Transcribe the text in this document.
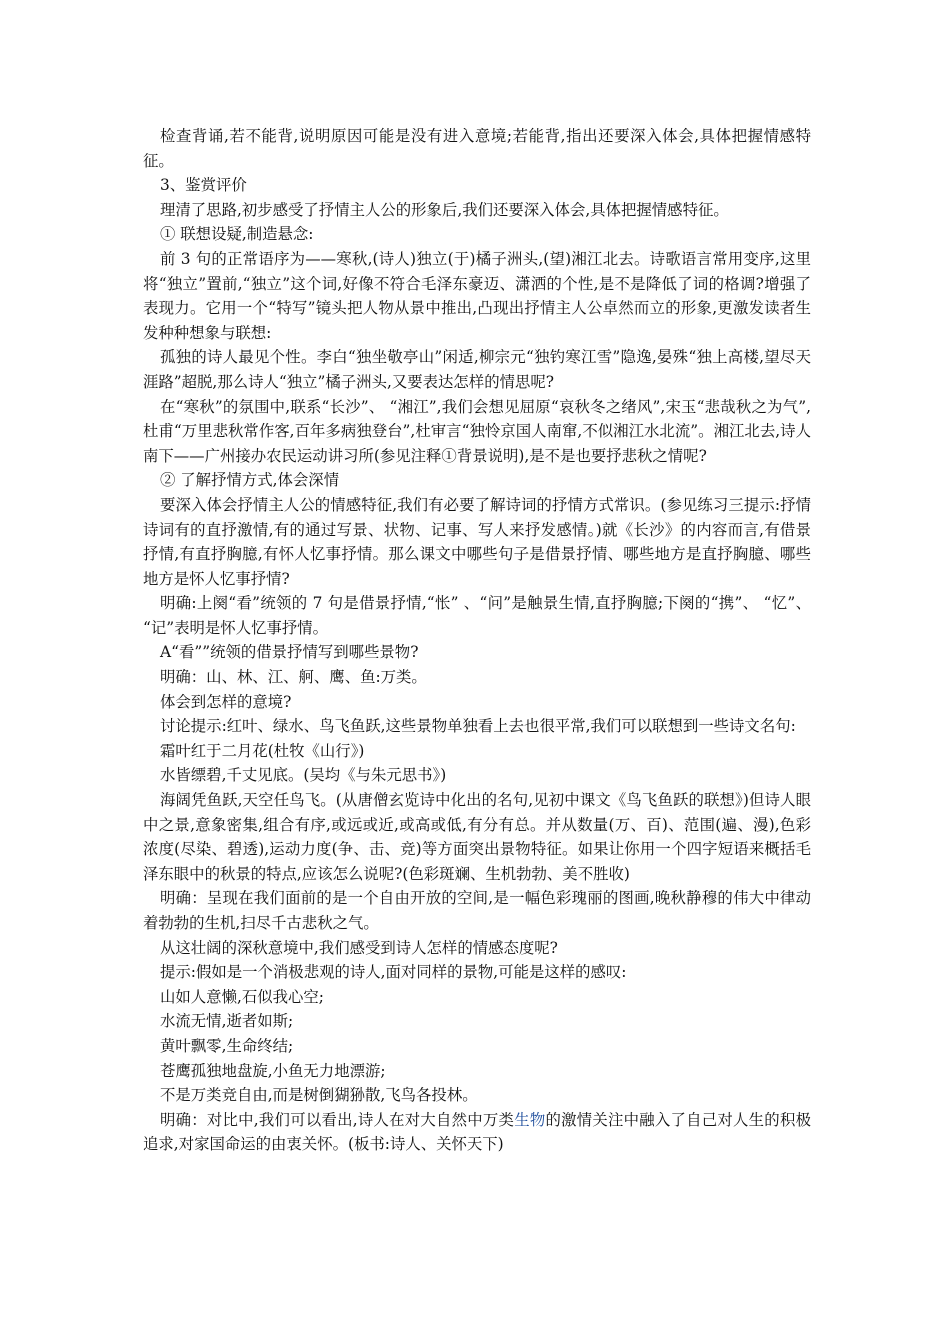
检查背诵,若不能背,说明原因可能是没有进入意境;若能背,指出还要深入体会,具体把握情感特征。

3、鉴赏评价

理清了思路,初步感受了抒情主人公的形象后,我们还要深入体会,具体把握情感特征。

① 联想设疑,制造悬念:

前 3 句的正常语序为——寒秋,(诗人)独立(于)橘子洲头,(望)湘江北去。诗歌语言常用变序,这里将“独立”置前,“独立”这个词,好像不符合毛泽东豪迈、潇洒的个性,是不是降低了词的格调?增强了表现力。它用一个“特写”镜头把人物从景中推出,凸现出抒情主人公卓然而立的形象,更激发读者生发种种想象与联想:

孤独的诗人最见个性。李白“独坐敬亭山”闲适,柳宗元“独钓寒江雪”隐逸,晏殊“独上高楼,望尽天涯路”超脱,那么诗人“独立”橘子洲头,又要表达怎样的情思呢?

在“寒秋”的氛围中,联系“长沙”、 “湘江”,我们会想见屈原“哀秋冬之绪风”,宋玉“悲哉秋之为气”,杜甫“万里悲秋常作客,百年多病独登台”,杜审言“独怜京国人南窜,不似湘江水北流”。湘江北去,诗人南下——广州接办农民运动讲习所(参见注释①背景说明),是不是也要抒悲秋之情呢?

② 了解抒情方式,体会深情

要深入体会抒情主人公的情感特征,我们有必要了解诗词的抒情方式常识。(参见练习三提示:抒情诗词有的直抒激情,有的通过写景、状物、记事、写人来抒发感情。)就《长沙》的内容而言,有借景抒情,有直抒胸臆,有怀人忆事抒情。那么课文中哪些句子是借景抒情、哪些地方是直抒胸臆、哪些地方是怀人忆事抒情?

明确:上阕“看”统领的 7 句是借景抒情,“怅” 、“问”是触景生情,直抒胸臆;下阕的“携”、 “忆”、 “记”表明是怀人忆事抒情。

A“看””统领的借景抒情写到哪些景物?

明确：山、林、江、舸、鹰、鱼:万类。

体会到怎样的意境?

讨论提示:红叶、绿水、鸟飞鱼跃,这些景物单独看上去也很平常,我们可以联想到一些诗文名句:

霜叶红于二月花(杜牧《山行》)

水皆缥碧,千丈见底。(吴均《与朱元思书》)

海阔凭鱼跃,天空任鸟飞。(从唐僧玄览诗中化出的名句,见初中课文《鸟飞鱼跃的联想》)但诗人眼中之景,意象密集,组合有序,或远或近,或高或低,有分有总。并从数量(万、百)、范围(遍、漫),色彩浓度(尽染、碧透),运动力度(争、击、竞)等方面突出景物特征。如果让你用一个四字短语来概括毛泽东眼中的秋景的特点,应该怎么说呢?(色彩斑斓、生机勃勃、美不胜收)

明确：呈现在我们面前的是一个自由开放的空间,是一幅色彩瑰丽的图画,晚秋静穆的伟大中律动着勃勃的生机,扫尽千古悲秋之气。

从这壮阔的深秋意境中,我们感受到诗人怎样的情感态度呢?

提示:假如是一个消极悲观的诗人,面对同样的景物,可能是这样的感叹:

山如人意懒,石似我心空;

水流无情,逝者如斯;

黄叶飘零,生命终结;

苍鹰孤独地盘旋,小鱼无力地漂游;

不是万类竞自由,而是树倒猢狲散,飞鸟各投林。

明确：对比中,我们可以看出,诗人在对大自然中万类生物的激情关注中融入了自己对人生的积极追求,对家国命运的由衷关怀。(板书:诗人、关怀天下)
